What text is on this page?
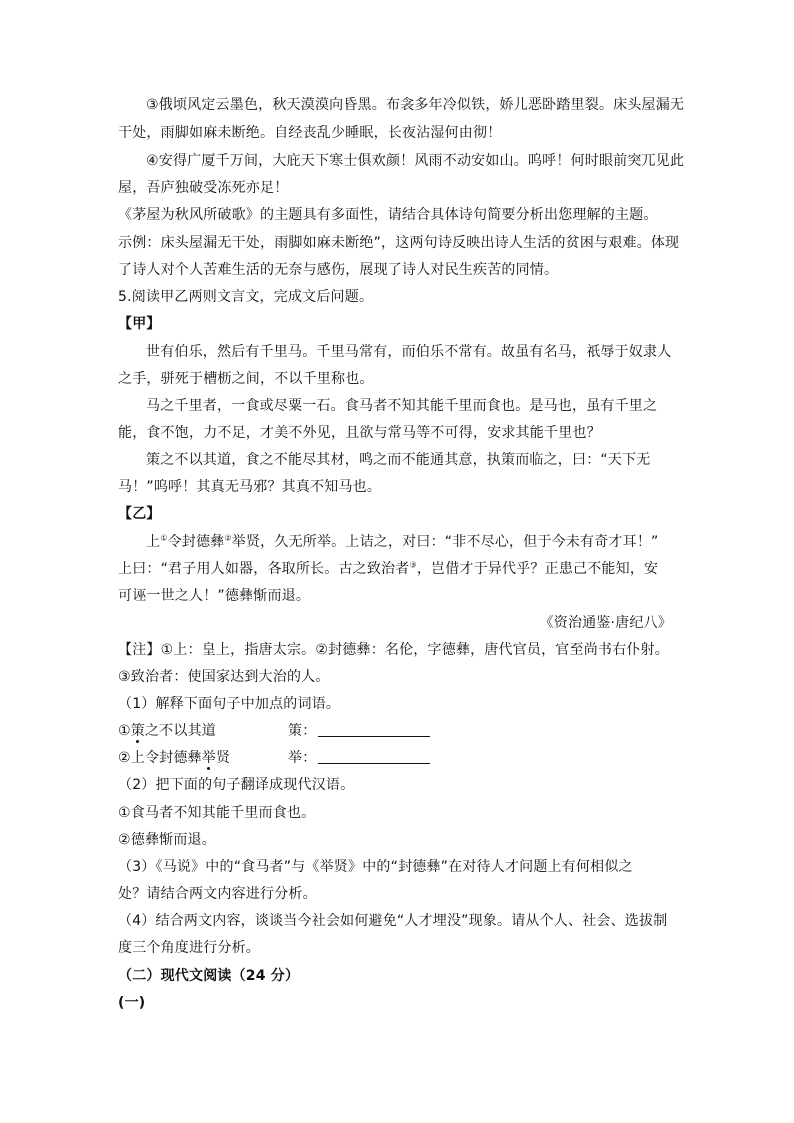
③俄顷风定云墨色，秋天漠漠向昏黑。布衾多年冷似铁，娇儿恶卧踏里裂。床头屋漏无
干处，雨脚如麻未断绝。自经丧乱少睡眠，长夜沾湿何由彻！
④安得广厦千万间，大庇天下寒士俱欢颜！风雨不动安如山。呜呼！何时眼前突兀见此
屋，吾庐独破受冻死亦足！
《茅屋为秋风所破歌》的主题具有多面性，请结合具体诗句简要分析出您理解的主题。
示例：床头屋漏无干处，雨脚如麻未断绝”，这两句诗反映出诗人生活的贫困与艰难。体现
了诗人对个人苦难生活的无奈与感伤，展现了诗人对民生疾苦的同情。
5.阅读甲乙两则文言文，完成文后问题。
【甲】
世有伯乐，然后有千里马。千里马常有，而伯乐不常有。故虽有名马，祇辱于奴隶人
之手，骈死于槽枥之间，不以千里称也。
马之千里者，一食或尽粟一石。食马者不知其能千里而食也。是马也，虽有千里之
能，食不饱，力不足，才美不外见，且欲与常马等不可得，安求其能千里也？
策之不以其道，食之不能尽其材，鸣之而不能通其意，执策而临之，曰：“天下无
马！”呜呼！其真无马邪？其真不知马也。
【乙】
上①令封德彝②举贤，久无所举。上诘之，对曰：“非不尽心，但于今未有奇才耳！”
上曰：“君子用人如器，各取所长。古之致治者③，岂借才于异代乎？正患己不能知，安
可诬一世之人！”德彝惭而退。
《资治通鉴·唐纪八》
【注】①上：皇上，指唐太宗。②封德彝：名伦，字德彝，唐代官员，官至尚书右仆射。
③致治者：使国家达到大治的人。
（1）解释下面句子中加点的词语。
①策之不以其道	策：
②上令封德彝举贤	举：
（2）把下面的句子翻译成现代汉语。
①食马者不知其能千里而食也。
②德彝惭而退。
（3）《马说》中的“食马者”与《举贤》中的“封德彝”在对待人才问题上有何相似之
处？请结合两文内容进行分析。
（4）结合两文内容，谈谈当今社会如何避免“人才埋没”现象。请从个人、社会、选拔制
度三个角度进行分析。
（二）现代文阅读（24 分）
(一)
